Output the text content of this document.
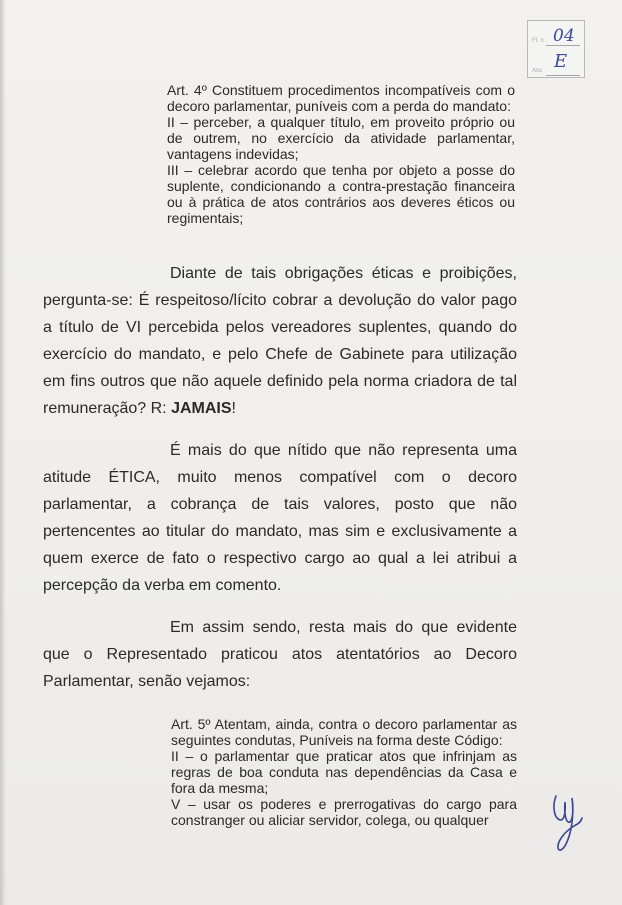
Fl. n
Ass
04
E

Art. 4º Constituem procedimentos incompatíveis com o decoro parlamentar, puníveis com a perda do mandato:

II – perceber, a qualquer título, em proveito próprio ou de outrem, no exercício da atividade parlamentar, vantagens indevidas;

III – celebrar acordo que tenha por objeto a posse do suplente, condicionando a contra-prestação financeira ou à prática de atos contrários aos deveres éticos ou regimentais;

Diante de tais obrigações éticas e proibições, pergunta-se: É respeitoso/lícito cobrar a devolução do valor pago a título de VI percebida pelos vereadores suplentes, quando do exercício do mandato, e pelo Chefe de Gabinete para utilização em fins outros que não aquele definido pela norma criadora de tal remuneração? R: JAMAIS!

É mais do que nítido que não representa uma atitude ÉTICA, muito menos compatível com o decoro parlamentar, a cobrança de tais valores, posto que não pertencentes ao titular do mandato, mas sim e exclusivamente a quem exerce de fato o respectivo cargo ao qual a lei atribui a percepção da verba em comento.

Em assim sendo, resta mais do que evidente que o Representado praticou atos atentatórios ao Decoro Parlamentar, senão vejamos:

Art. 5º Atentam, ainda, contra o decoro parlamentar as seguintes condutas, Puníveis na forma deste Código:

II – o parlamentar que praticar atos que infrinjam as regras de boa conduta nas dependências da Casa e fora da mesma;

V – usar os poderes e prerrogativas do cargo para constranger ou aliciar servidor, colega, ou qualquer
